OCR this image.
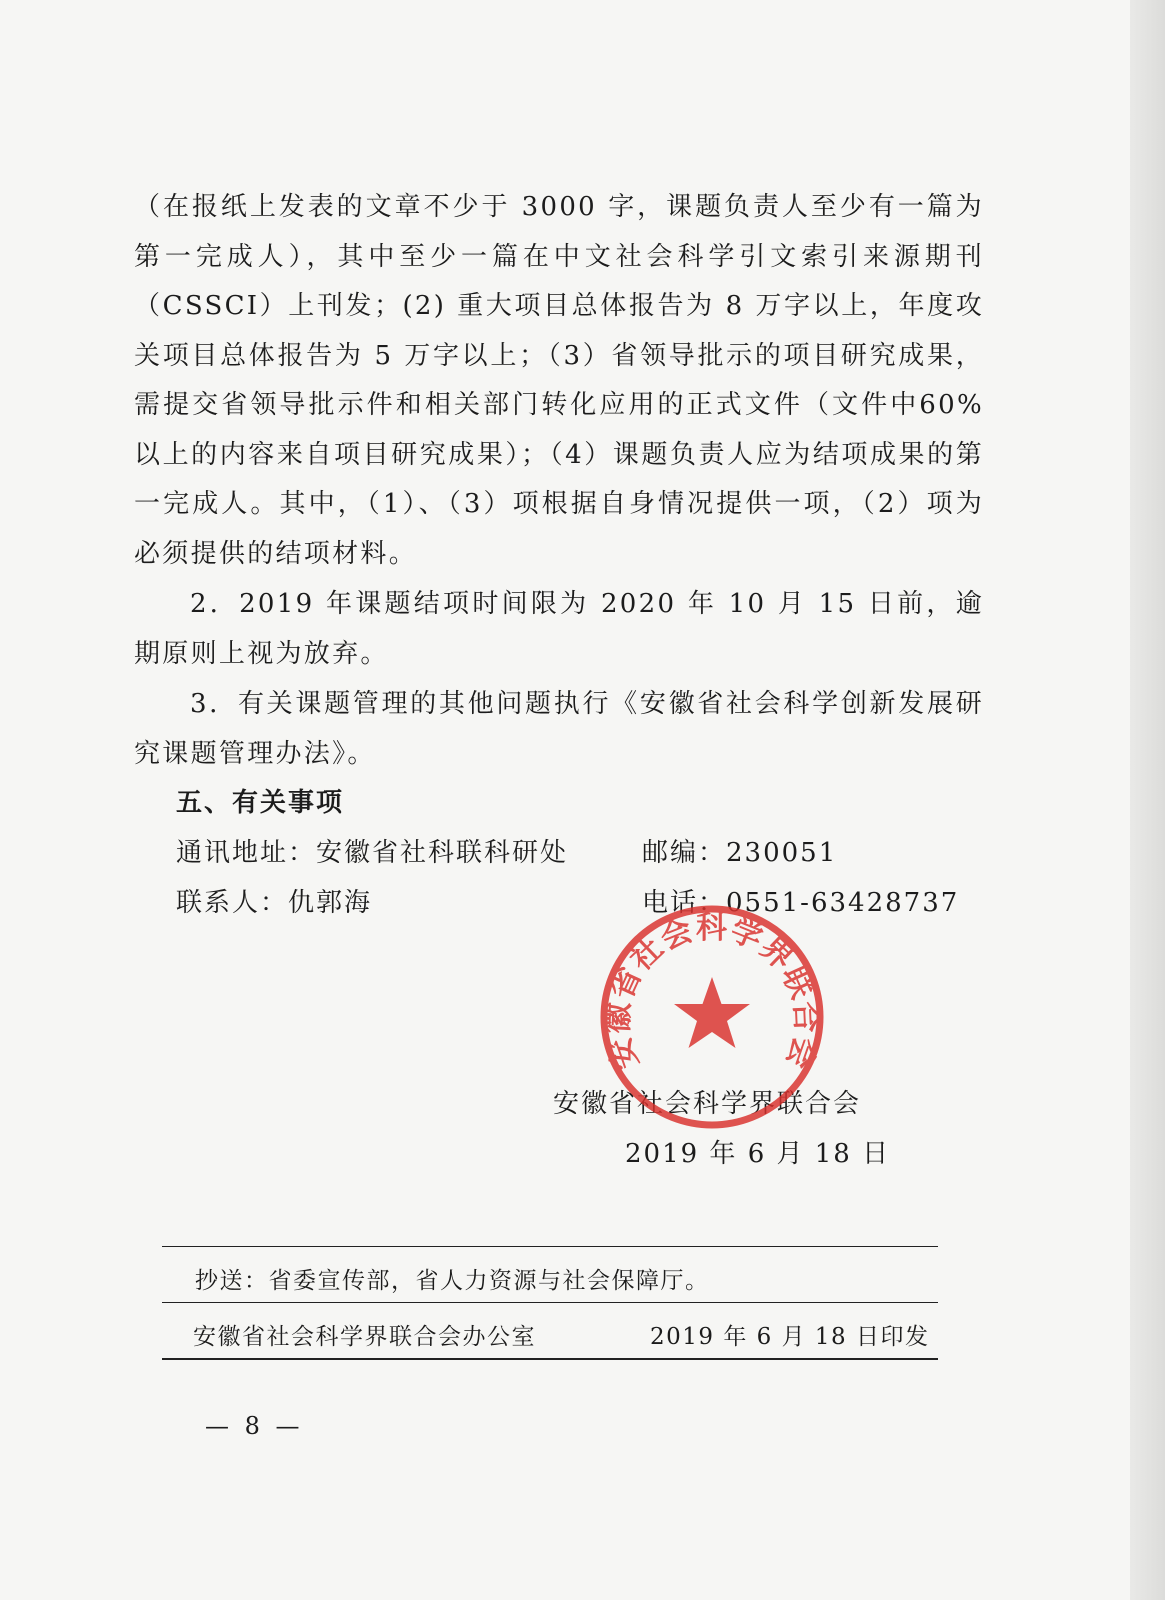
（在报纸上发表的文章不少于 3000 字，课题负责人至少有一篇为第一完成人），其中至少一篇在中文社会科学引文索引来源期刊（CSSCI）上刊发；(2) 重大项目总体报告为 8 万字以上，年度攻关项目总体报告为 5 万字以上；（3）省领导批示的项目研究成果，需提交省领导批示件和相关部门转化应用的正式文件（文件中60%以上的内容来自项目研究成果）；（4）课题负责人应为结项成果的第一完成人。其中，（1）、（3）项根据自身情况提供一项，（2）项为必须提供的结项材料。

2．2019 年课题结项时间限为 2020 年 10 月 15 日前，逾期原则上视为放弃。

3．有关课题管理的其他问题执行《安徽省社会科学创新发展研究课题管理办法》。

五、有关事项
通讯地址：安徽省社科联科研处	邮编：230051
联系人：仇郭海	电话：0551-63428737
安徽省社会科学界联合会
2019 年 6 月 18 日
安徽省社会科学界联合会
抄送：省委宣传部，省人力资源与社会保障厅。
安徽省社会科学界联合会办公室	2019 年 6 月 18 日印发
— 8 —
